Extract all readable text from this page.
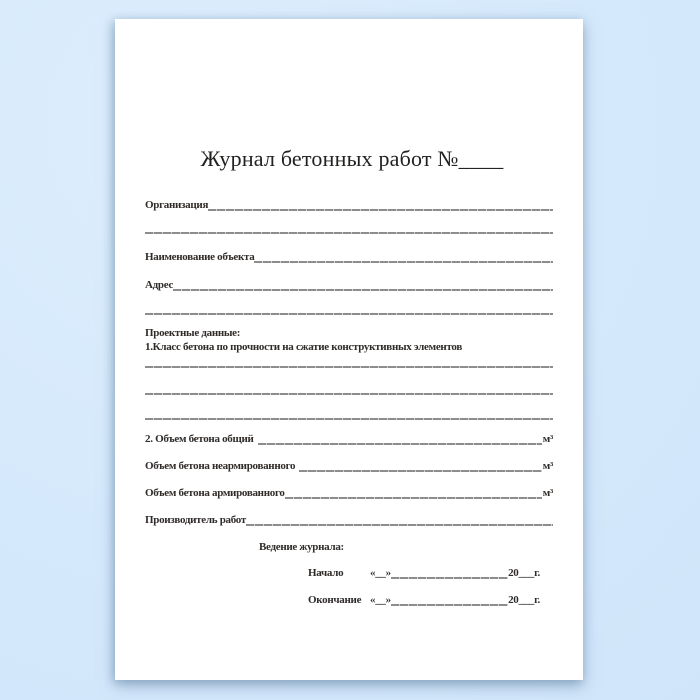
Журнал бетонных работ №____
Организация
Наименование объекта
Адрес
Проектные данные:
1.Класс бетона по прочности на сжатие конструктивных элементов
2. Объем бетона общий	м³
Объем бетона неармированного	м³
Объем бетона армированного	м³
Производитель работ
Ведение журнала:
Начало	«__»	20___г.
Окончание «__»	20___г.
